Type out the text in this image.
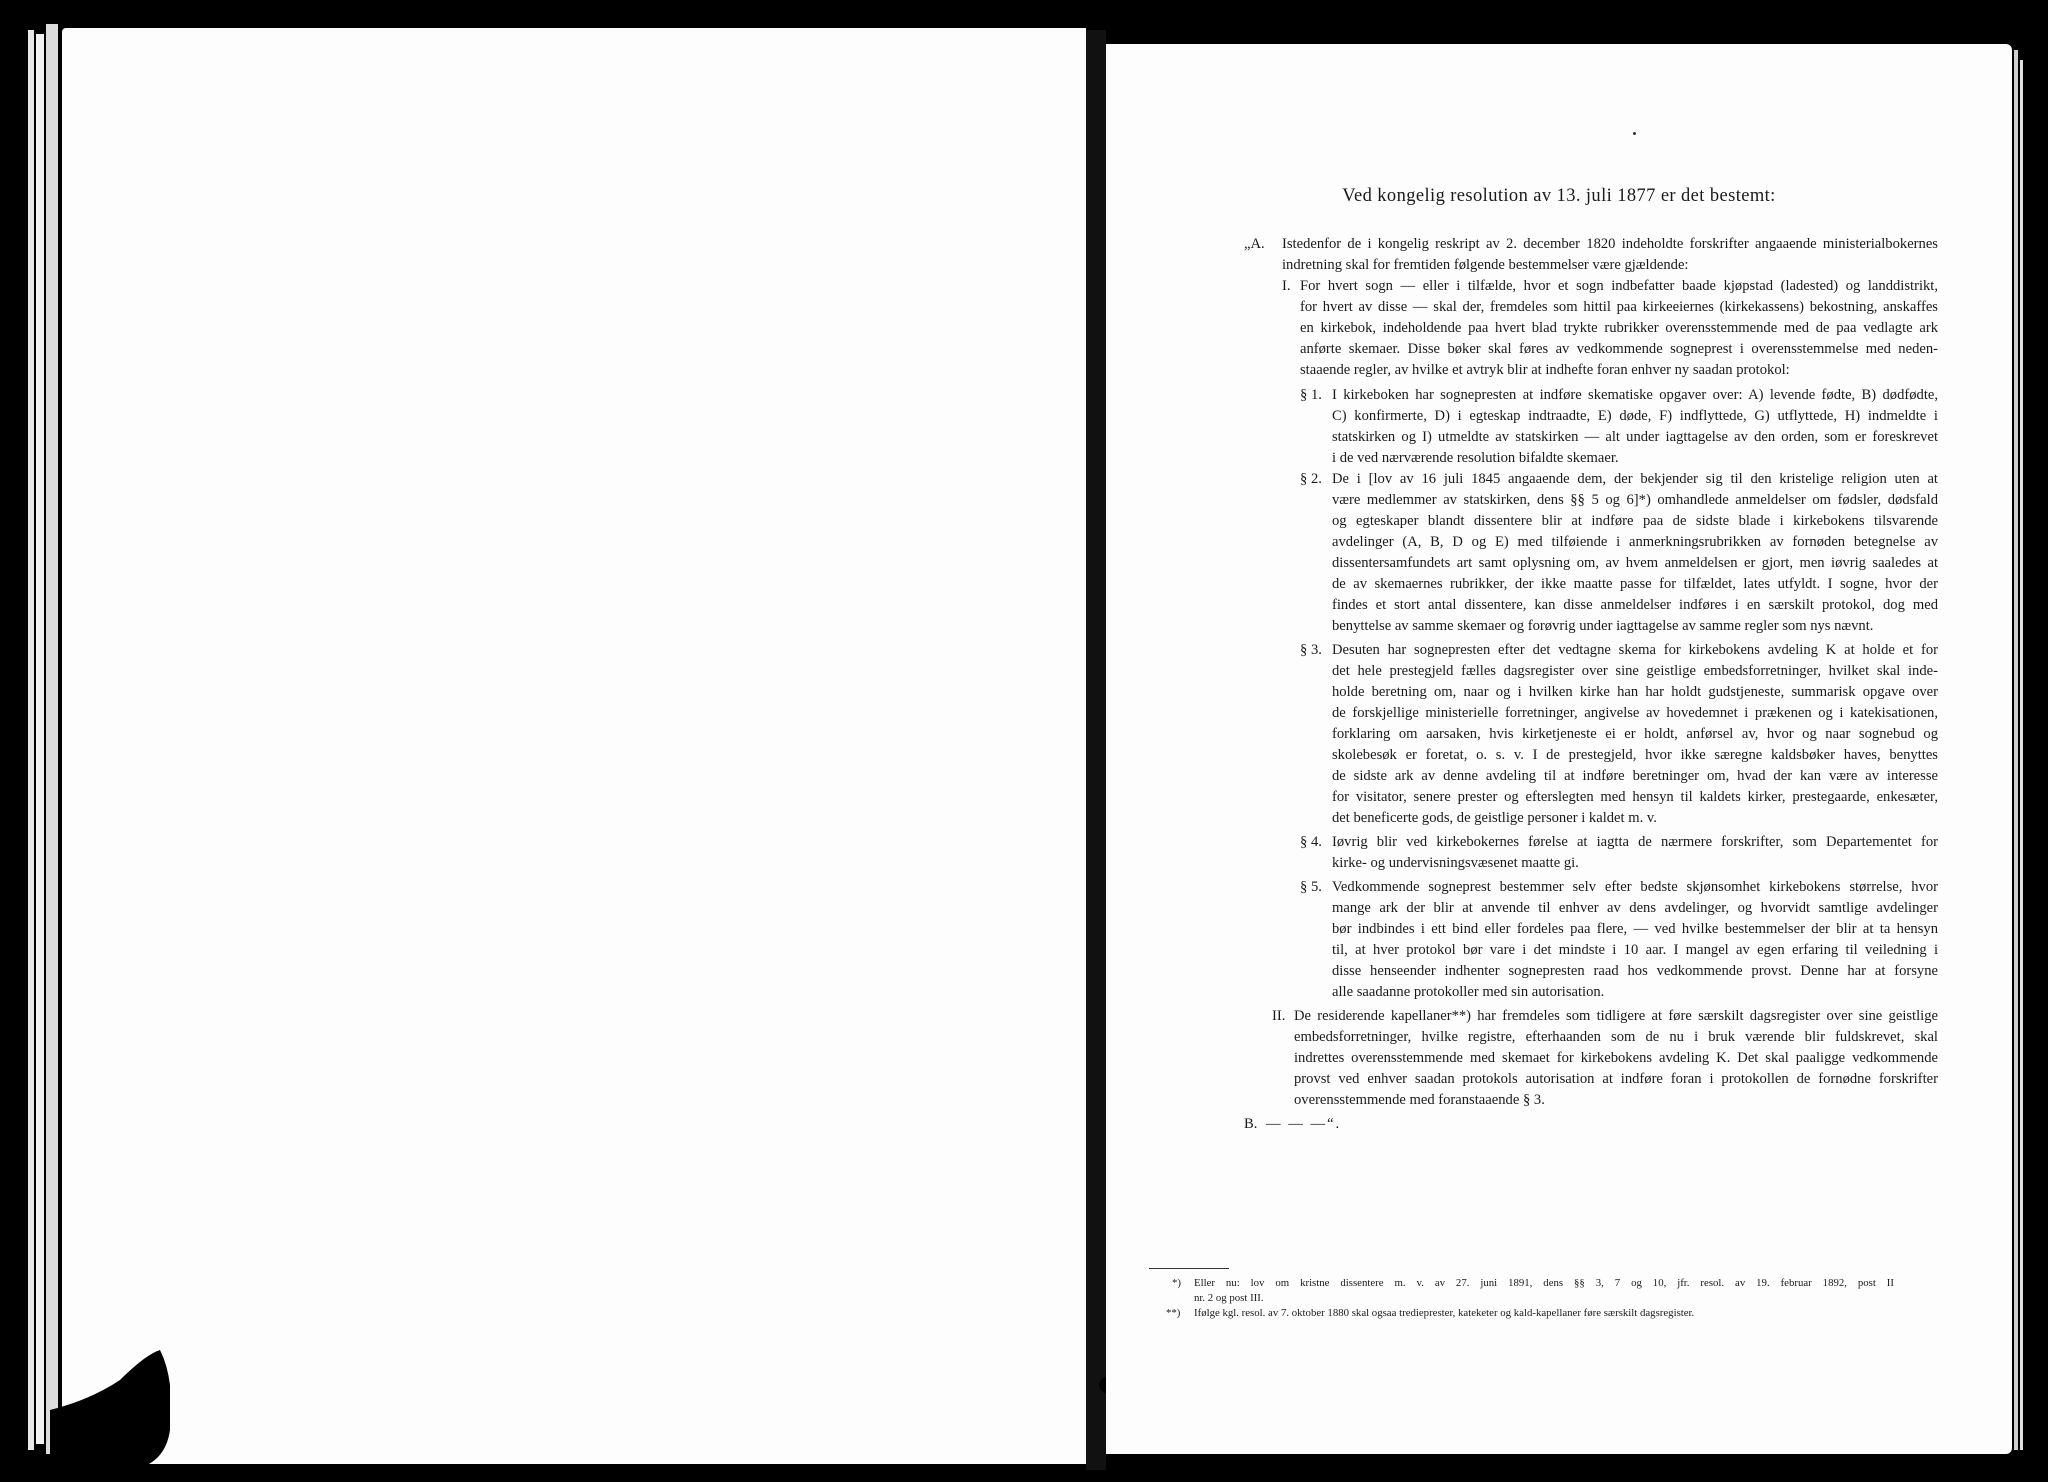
Ved kongelig resolution av 13. juli 1877 er det bestemt:
„A. Istedenfor de i kongelig reskript av 2. december 1820 indeholdte forskrifter angaaende ministerialbokernes
indretning skal for fremtiden følgende bestemmelser være gjældende:
I. For hvert sogn — eller i tilfælde, hvor et sogn indbefatter baade kjøpstad (ladested) og landdistrikt,
for hvert av disse — skal der, fremdeles som hittil paa kirkeeiernes (kirkekassens) bekostning, anskaffes
en kirkebok, indeholdende paa hvert blad trykte rubrikker overensstemmende med de paa vedlagte ark
anførte skemaer. Disse bøker skal føres av vedkommende sogneprest i overensstemmelse med neden-
staaende regler, av hvilke et avtryk blir at indhefte foran enhver ny saadan protokol:
§ 1. I kirkeboken har sogneprestеn at indføre skematiske opgaver over: A) levende fødte, B) dødfødte,
C) konfirmerte, D) i egteskap indtraadte, E) døde, F) indflyttede, G) utflyttede, H) indmeldte i
statskirken og I) utmeldte av statskirken — alt under iagttagelse av den orden, som er foreskrevet
i de ved nærværende resolution bifaldte skemaer.
§ 2. De i [lov av 16 juli 1845 angaaende dem, der bekjender sig til den kristelige religion uten at
være medlemmer av statskirken, dens §§ 5 og 6]*) omhandlede anmeldelser om fødsler, dødsfald
og egteskaper blandt dissentere blir at indføre paa de sidste blade i kirkebokens tilsvarende
avdelinger (A, B, D og E) med tilføiende i anmerkningsrubrikken av fornøden betegnelse av
dissentersamfundets art samt oplysning om, av hvem anmeldelsen er gjort, men iøvrig saaledes at
de av skemaernes rubrikker, der ikke maatte passe for tilfældet, lates utfyldt. I sogne, hvor der
findes et stort antal dissentere, kan disse anmeldelser indføres i en særskilt protokol, dog med
benyttelse av samme skemaer og forøvrig under iagttagelse av samme regler som nys nævnt.
§ 3. Desuten har sogneprestеn efter det vedtagne skema for kirkebokens avdeling K at holde et for
det hele prestegjeld fælles dagsregister over sine geistlige embedsforretninger, hvilket skal inde-
holde beretning om, naar og i hvilken kirke han har holdt gudstjeneste, summarisk opgave over
de forskjellige ministerielle forretninger, angivelse av hovedemnet i prækenen og i katekisationen,
forklaring om aarsaken, hvis kirketjeneste ei er holdt, anførsel av, hvor og naar sognebud og
skolebesøk er foretat, o. s. v. I de prestegjeld, hvor ikke særegne kaldsbøker haves, benyttes
de sidste ark av denne avdeling til at indføre beretninger om, hvad der kan være av interesse
for visitator, senere prester og efterslegten med hensyn til kaldets kirker, prestegaarde, enkesæter,
det beneficerte gods, de geistlige personer i kaldet m. v.
§ 4. Iøvrig blir ved kirkebokernes førelse at iagtta de nærmere forskrifter, som Departementet for
kirke- og undervisningsvæsenet maatte gi.
§ 5. Vedkommende sogneprest bestemmer selv efter bedste skjønsomhet kirkebokens størrelse, hvor
mange ark der blir at anvende til enhver av dens avdelinger, og hvorvidt samtlige avdelinger
bør indbindes i ett bind eller fordeles paa flere, — ved hvilke bestemmelser der blir at ta hensyn
til, at hver protokol bør vare i det mindste i 10 aar. I mangel av egen erfaring til veiledning i
disse henseender indhenter sogneprestеn raad hos vedkommende provst. Denne har at forsyne
alle saadanne protokoller med sin autorisation.
II. De residerende kapellaner**) har fremdeles som tidligere at føre særskilt dagsregister over sine geistlige
embedsforretninger, hvilke registre, efterhaanden som de nu i bruk værende blir fuldskrevet, skal
indrettes overensstemmende med skemaet for kirkebokens avdeling K. Det skal paaligge vedkommende
provst ved enhver saadan protokols autorisation at indføre foran i protokollen de fornødne forskrifter
overensstemmende med foranstaaende § 3.
B. — — —“.
*) Eller nu: lov om kristne dissentere m. v. av 27. juni 1891, dens §§ 3, 7 og 10, jfr. resol. av 19. februar 1892, post II
nr. 2 og post III.
**) Ifølge kgl. resol. av 7. oktober 1880 skal ogsaa tredieprester, kateketer og kald-kapellaner føre særskilt dagsregister.
